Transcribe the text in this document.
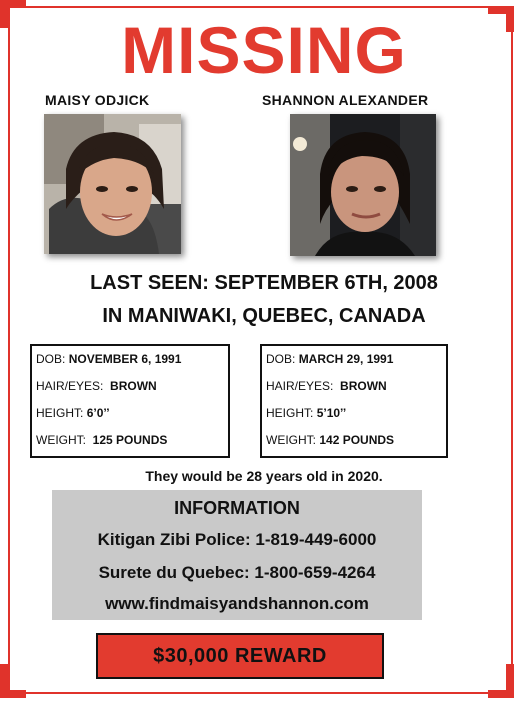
MISSING
MAISY ODJICK	SHANNON ALEXANDER
LAST SEEN: SEPTEMBER 6TH, 2008
IN MANIWAKI, QUEBEC, CANADA
DOB: NOVEMBER 6, 1991
HAIR/EYES: BROWN
HEIGHT: 6’0’’
WEIGHT: 125 POUNDS
DOB: MARCH 29, 1991
HAIR/EYES: BROWN
HEIGHT: 5’10’’
WEIGHT: 142 POUNDS
They would be 28 years old in 2020.
INFORMATION
Kitigan Zibi Police: 1-819-449-6000
Surete du Quebec: 1-800-659-4264
www.findmaisyandshannon.com
$30,000 REWARD
